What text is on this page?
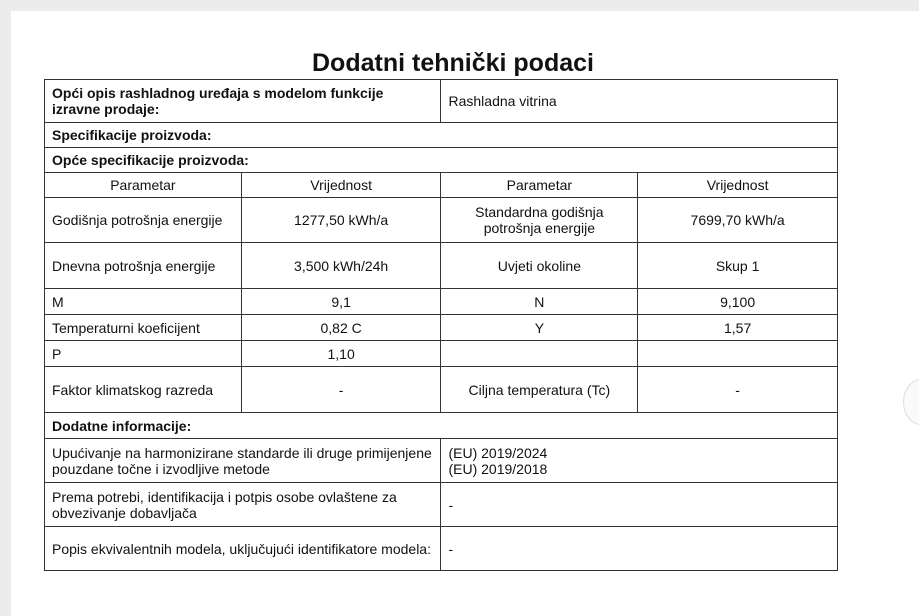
Dodatni tehnički podaci
Opći opis rashladnog uređaja s modelom funkcije izravne prodaje:		Rashladna vitrina	
Specifikacije proizvoda:			
Opće specifikacije proizvoda:			
Parametar	Vrijednost	Parametar	Vrijednost
Godišnja potrošnja energije	1277,50 kWh/a	Standardna godišnja potrošnja energije	7699,70 kWh/a
Dnevna potrošnja energije	3,500 kWh/24h	Uvjeti okoline	Skup 1
M	9,1	N	9,100
Temperaturni koeficijent	0,82 C	Y	1,57
P	1,10		
Faktor klimatskog razreda	-	Ciljna temperatura (Tc)	-
Dodatne informacije:			
Upućivanje na harmonizirane standarde ili druge primijenjene pouzdane točne i izvodljive metode		(EU) 2019/2024
(EU) 2019/2018	

Prema potrebi, identifikacija i potpis osobe ovlaštene za obvezivanje dobavljača		-	
Popis ekvivalentnih modela, uključujući identifikatore modela:		-	
